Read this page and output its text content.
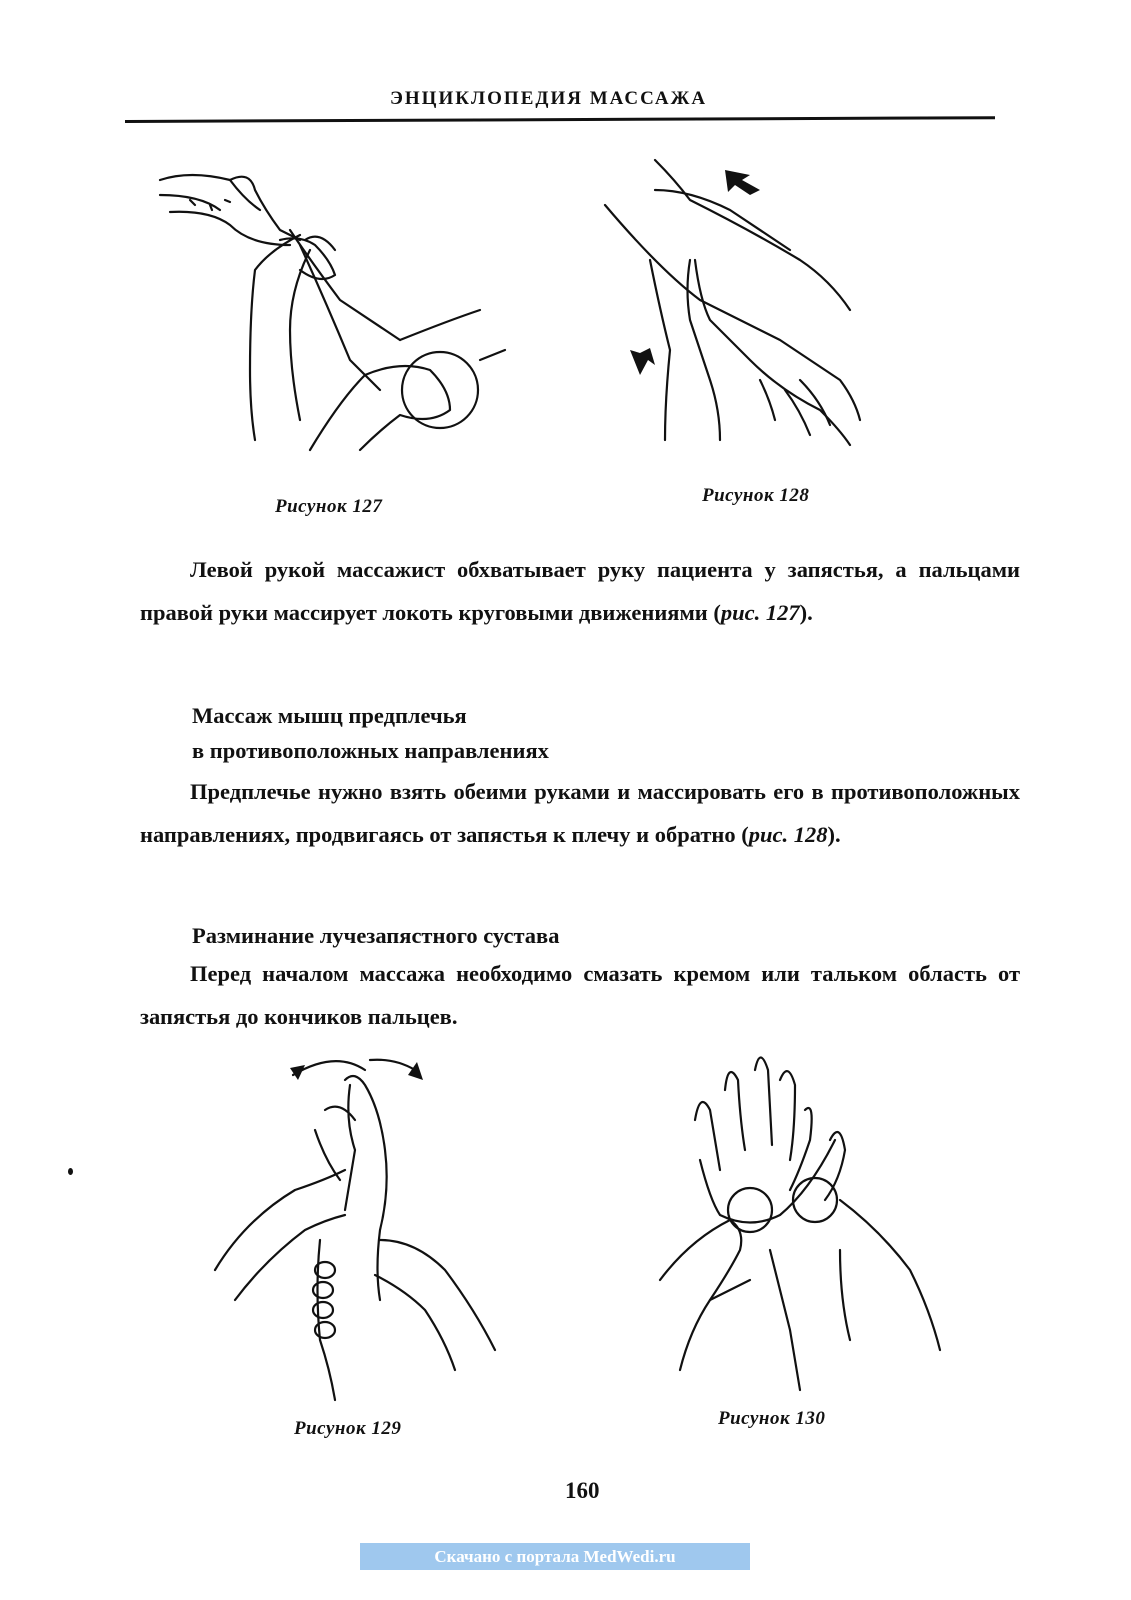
ЭНЦИКЛОПЕДИЯ МАССАЖА
Рисунок 127
Рисунок 128

Левой рукой массажист обхватывает руку пациента у запястья, а пальцами правой руки массирует локоть круговыми движениями (рис. 127).

Массаж мышц предплечья
в противоположных направлениях

Предплечье нужно взять обеими руками и массировать его в противоположных направлениях, продвигаясь от запястья к плечу и обратно (рис. 128).

Разминание лучезапястного сустава

Перед началом массажа необходимо смазать кремом или тальком область от запястья до кончиков пальцев.

Рисунок 129	Рисунок 130
160
Скачано с портала MedWedi.ru
